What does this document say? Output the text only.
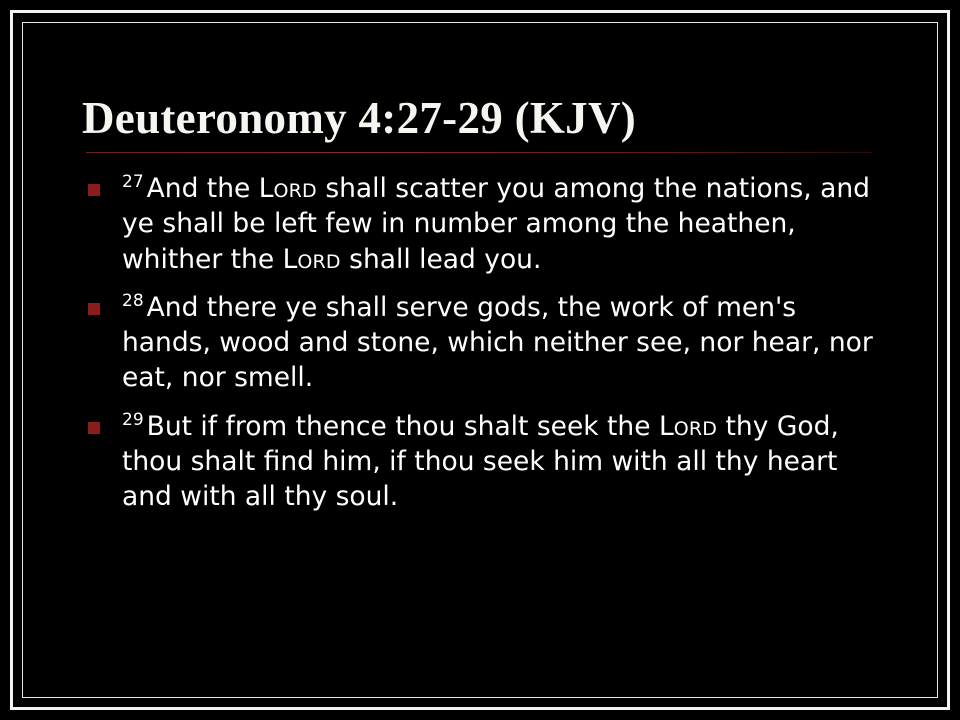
Deuteronomy 4:27-29 (KJV)
$^{27}$ And the LORD shall scatter you among the nations, and ye shall be left few in number among the heathen, whither the LORD shall lead you.
$^{28}$ And there ye shall serve gods, the work of men's hands, wood and stone, which neither see, nor hear, nor eat, nor smell.
$^{29}$ But if from thence thou shalt seek the LORD thy God, thou shalt find him, if thou seek him with all thy heart and with all thy soul.
